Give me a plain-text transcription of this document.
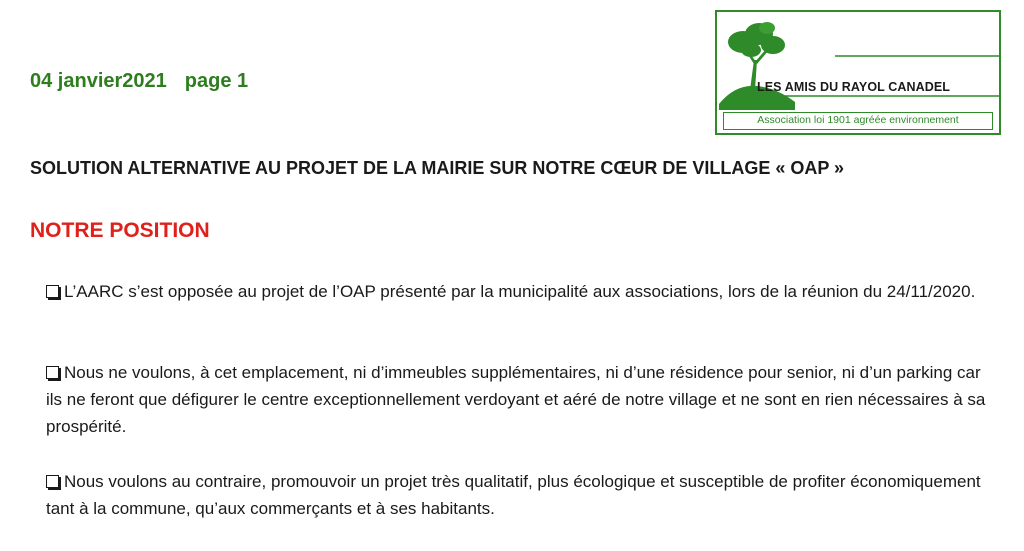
04 janvier2021 page 1	LES AMIS DU RAYOL CANADEL
Association loi 1901 agréée environnement
SOLUTION ALTERNATIVE AU PROJET DE LA MAIRIE SUR NOTRE CŒUR DE VILLAGE « OAP »
NOTRE POSITION
L’AARC s’est opposée au projet de l’OAP présenté par la municipalité aux associations, lors de la réunion du 24/11/2020.
Nous ne voulons, à cet emplacement, ni d’immeubles supplémentaires, ni d’une résidence pour senior, ni d’un parking car ils ne feront que défigurer le centre exceptionnellement verdoyant et aéré de notre village et ne sont en rien nécessaires à sa prospérité.
Nous voulons au contraire, promouvoir un projet très qualitatif, plus écologique et susceptible de profiter économiquement tant à la commune, qu’aux commerçants et à ses habitants.
